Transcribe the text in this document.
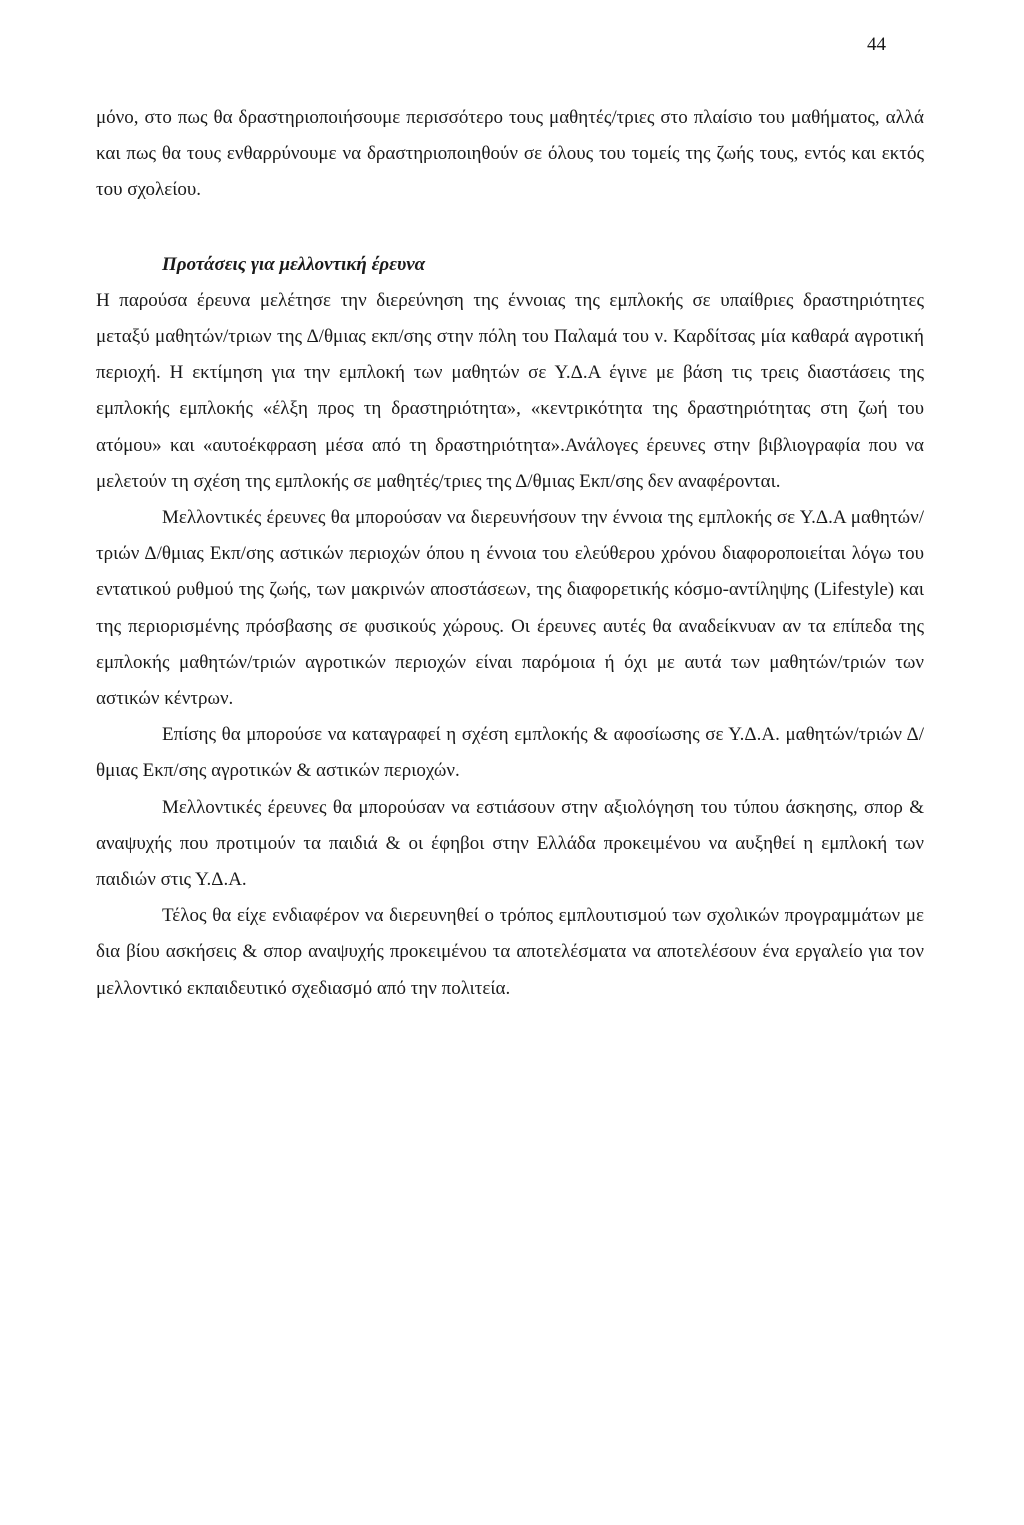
44

μόνο, στο πως θα δραστηριοποιήσουμε περισσότερο τους μαθητές/τριες στο πλαίσιο του μαθήματος, αλλά και πως θα τους ενθαρρύνουμε να δραστηριοποιηθούν σε όλους του τομείς της ζωής τους, εντός και εκτός του σχολείου.

Προτάσεις για μελλοντική έρευνα

Η παρούσα έρευνα μελέτησε την διερεύνηση της έννοιας της εμπλοκής σε υπαίθριες δραστηριότητες μεταξύ μαθητών/τριων της Δ/θμιας εκπ/σης στην πόλη του Παλαμά του ν. Καρδίτσας μία καθαρά αγροτική περιοχή. Η εκτίμηση για την εμπλοκή των μαθητών σε Υ.Δ.Α έγινε με βάση τις τρεις διαστάσεις της εμπλοκής εμπλοκής «έλξη προς τη δραστηριότητα», «κεντρικότητα της δραστηριότητας στη ζωή του ατόμου» και «αυτοέκφραση μέσα από τη δραστηριότητα».Ανάλογες έρευνες στην βιβλιογραφία που να μελετούν τη σχέση της εμπλοκής σε μαθητές/τριες της Δ/θμιας Εκπ/σης δεν αναφέρονται.

Μελλοντικές έρευνες θα μπορούσαν να διερευνήσουν την έννοια της εμπλοκής σε Υ.Δ.Α μαθητών/τριών Δ/θμιας Εκπ/σης αστικών περιοχών όπου η έννοια του ελεύθερου χρόνου διαφοροποιείται λόγω του εντατικού ρυθμού της ζωής, των μακρινών αποστάσεων, της διαφορετικής κόσμο-αντίληψης (Lifestyle) και της περιορισμένης πρόσβασης σε φυσικούς χώρους. Οι έρευνες αυτές θα αναδείκνυαν αν τα επίπεδα της εμπλοκής μαθητών/τριών αγροτικών περιοχών είναι παρόμοια ή όχι με αυτά των μαθητών/τριών των αστικών κέντρων.

Επίσης θα μπορούσε να καταγραφεί η σχέση εμπλοκής & αφοσίωσης σε Υ.Δ.Α. μαθητών/τριών Δ/θμιας Εκπ/σης αγροτικών & αστικών περιοχών.

Μελλοντικές έρευνες θα μπορούσαν να εστιάσουν στην αξιολόγηση του τύπου άσκησης, σπορ & αναψυχής που προτιμούν τα παιδιά & οι έφηβοι στην Ελλάδα προκειμένου να αυξηθεί η εμπλοκή των παιδιών στις Υ.Δ.Α.

Τέλος θα είχε ενδιαφέρον να διερευνηθεί ο τρόπος εμπλουτισμού των σχολικών προγραμμάτων με δια βίου ασκήσεις & σπορ αναψυχής προκειμένου τα αποτελέσματα να αποτελέσουν ένα εργαλείο για τον μελλοντικό εκπαιδευτικό σχεδιασμό από την πολιτεία.
